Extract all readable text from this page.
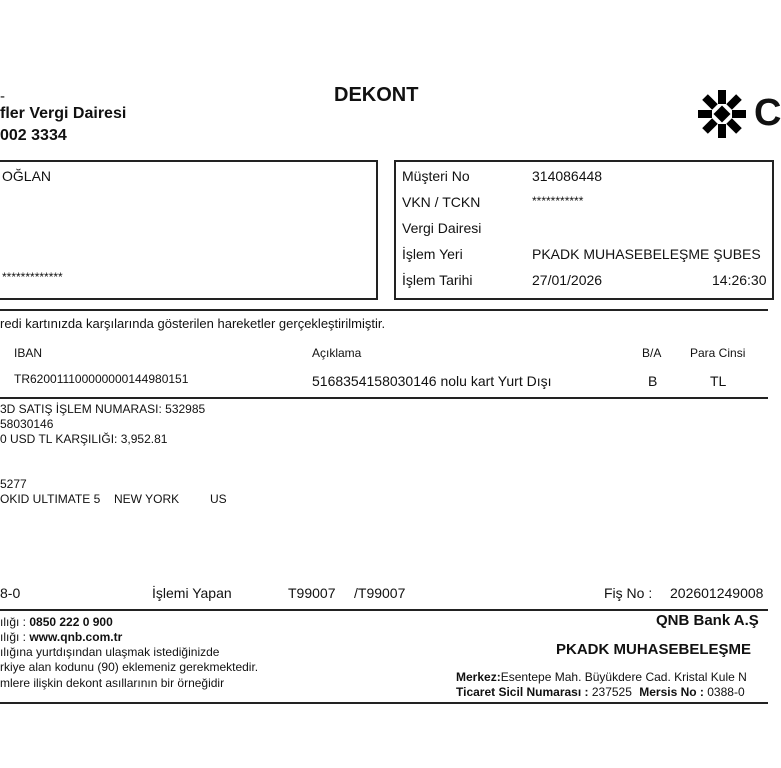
-
fler Vergi Dairesi
002 3334
DEKONT	C
OĞLAN
*************
Müşteri No	314086448
VKN / TCKN	***********
Vergi Dairesi
İşlem Yeri	PKADK MUHASEBELEŞME ŞUBES
İşlem Tarihi	27/01/2026	14:26:30
redi kartınızda karşılarında gösterilen hareketler gerçekleştirilmiştir.
IBAN	Açıklama	B/A Para Cinsi
TR620011100000000144980151	5168354158030146 nolu kart Yurt Dışı	B	TL
3D SATIŞ İŞLEM NUMARASI: 532985
58030146
0 USD TL KARŞILIĞI: 3,952.81
5277
OKID ULTIMATE 5 NEW YORK	US
8-0	İşlemi Yapan	T99007 /T99007	Fiş No : 202601249008
ılığı : 0850 222 0 900
ılığı : www.qnb.com.tr
ılığına yurtdışından ulaşmak istediğinizde
rkiye alan kodunu (90) eklemeniz gerekmektedir.
mlere ilişkin dekont asıllarının bir örneğidir
QNB Bank A.Ş
PKADK MUHASEBELEŞME
Merkez:Esentepe Mah. Büyükdere Cad. Kristal Kule N
Ticaret Sicil Numarası : 237525 Mersis No : 0388-0
